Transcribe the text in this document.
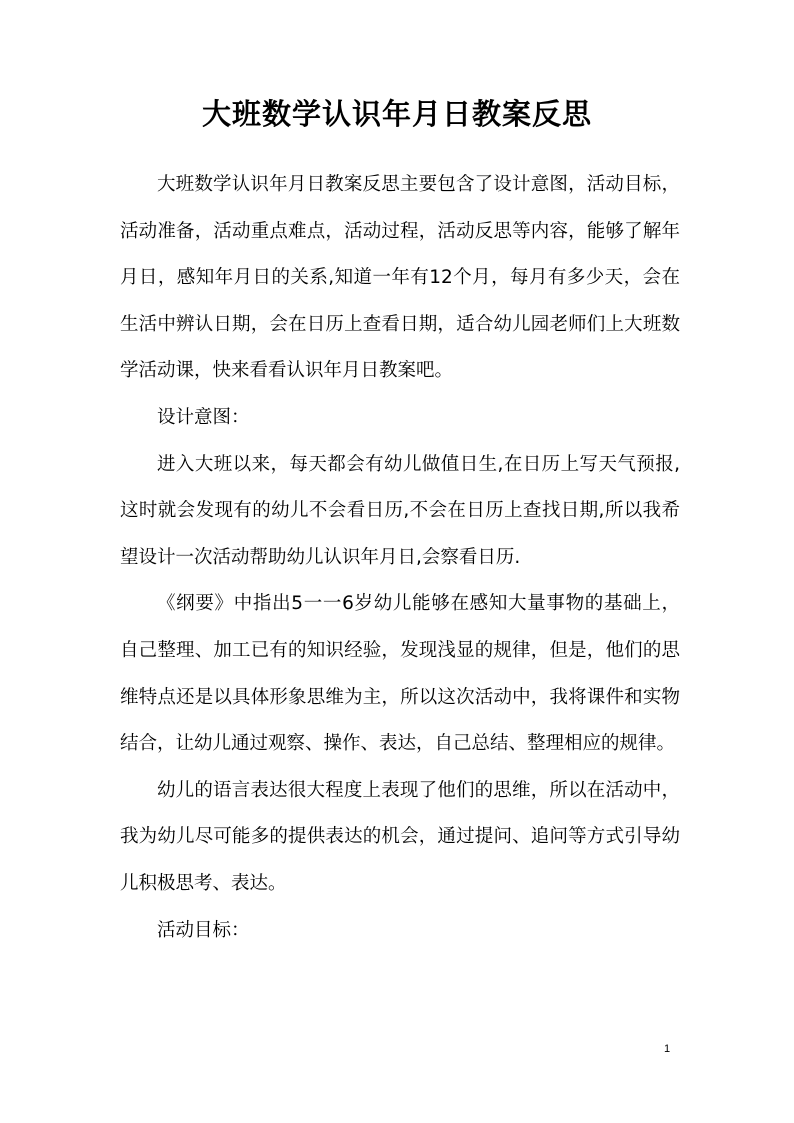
大班数学认识年月日教案反思

大班数学认识年月日教案反思主要包含了设计意图，活动目标，活动准备，活动重点难点，活动过程，活动反思等内容，能够了解年月日，感知年月日的关系,知道一年有12个月，每月有多少天，会在生活中辨认日期，会在日历上查看日期，适合幼儿园老师们上大班数学活动课，快来看看认识年月日教案吧。

设计意图：

进入大班以来，每天都会有幼儿做值日生,在日历上写天气预报,这时就会发现有的幼儿不会看日历,不会在日历上查找日期,所以我希望设计一次活动帮助幼儿认识年月日,会察看日历.

《纲要》中指出5一一6岁幼儿能够在感知大量事物的基础上，自己整理、加工已有的知识经验，发现浅显的规律，但是，他们的思维特点还是以具体形象思维为主，所以这次活动中，我将课件和实物结合，让幼儿通过观察、操作、表达，自己总结、整理相应的规律。

幼儿的语言表达很大程度上表现了他们的思维，所以在活动中，我为幼儿尽可能多的提供表达的机会，通过提问、追问等方式引导幼儿积极思考、表达。

活动目标：

1
